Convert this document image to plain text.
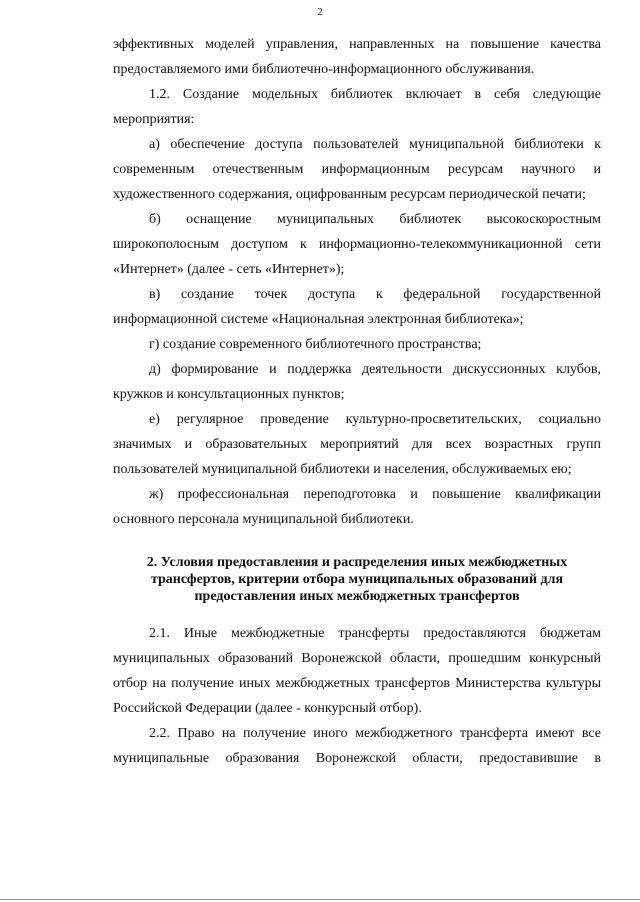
2

эффективных моделей управления, направленных на повышение качества предоставляемого ими библиотечно-информационного обслуживания.

1.2. Создание модельных библиотек включает в себя следующие мероприятия:

а) обеспечение доступа пользователей муниципальной библиотеки к современным отечественным информационным ресурсам научного и художественного содержания, оцифрованным ресурсам периодической печати;

б) оснащение муниципальных библиотек высокоскоростным широкополосным доступом к информационно-телекоммуникационной сети «Интернет» (далее - сеть «Интернет»);

в) создание точек доступа к федеральной государственной информационной системе «Национальная электронная библиотека»;

г) создание современного библиотечного пространства;

д) формирование и поддержка деятельности дискуссионных клубов, кружков и консультационных пунктов;

е) регулярное проведение культурно-просветительских, социально значимых и образовательных мероприятий для всех возрастных групп пользователей муниципальной библиотеки и населения, обслуживаемых ею;

ж) профессиональная переподготовка и повышение квалификации основного персонала муниципальной библиотеки.

2. Условия предоставления и распределения иных межбюджетных трансфертов, критерии отбора муниципальных образований для предоставления иных межбюджетных трансфертов

2.1. Иные межбюджетные трансферты предоставляются бюджетам муниципальных образований Воронежской области, прошедшим конкурсный отбор на получение иных межбюджетных трансфертов Министерства культуры Российской Федерации (далее - конкурсный отбор).

2.2. Право на получение иного межбюджетного трансферта имеют все муниципальные образования Воронежской области, предоставившие в
